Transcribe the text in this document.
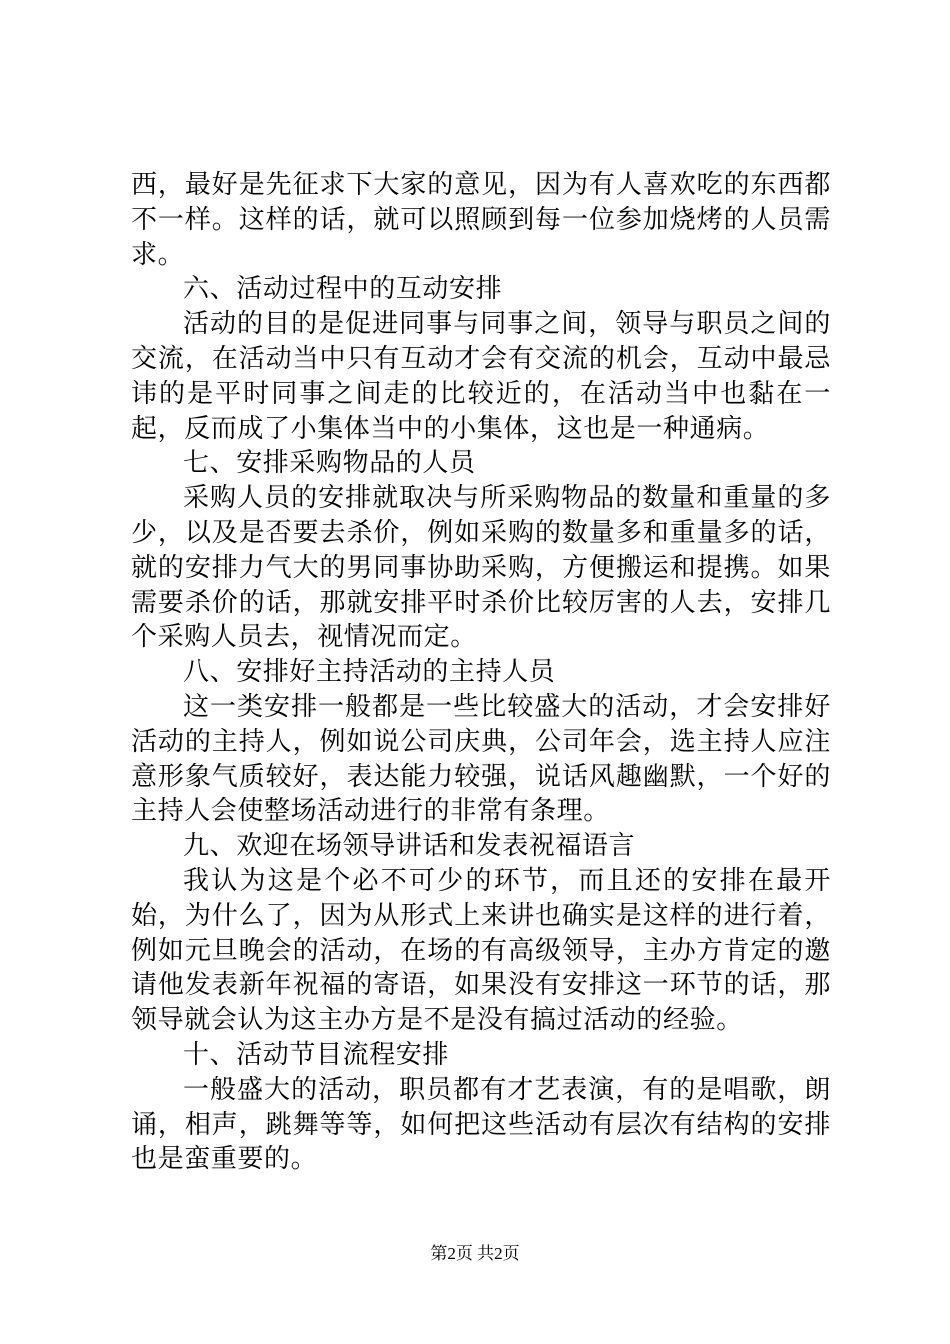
西，最好是先征求下大家的意见，因为有人喜欢吃的东西都不一样。这样的话，就可以照顾到每一位参加烧烤的人员需求。

六、活动过程中的互动安排

活动的目的是促进同事与同事之间，领导与职员之间的交流，在活动当中只有互动才会有交流的机会，互动中最忌讳的是平时同事之间走的比较近的，在活动当中也黏在一起，反而成了小集体当中的小集体，这也是一种通病。

七、安排采购物品的人员

采购人员的安排就取决与所采购物品的数量和重量的多少，以及是否要去杀价，例如采购的数量多和重量多的话，就的安排力气大的男同事协助采购，方便搬运和提携。如果需要杀价的话，那就安排平时杀价比较厉害的人去，安排几个采购人员去，视情况而定。

八、安排好主持活动的主持人员

这一类安排一般都是一些比较盛大的活动，才会安排好活动的主持人，例如说公司庆典，公司年会，选主持人应注意形象气质较好，表达能力较强，说话风趣幽默，一个好的主持人会使整场活动进行的非常有条理。

九、欢迎在场领导讲话和发表祝福语言

我认为这是个必不可少的环节，而且还的安排在最开始，为什么了，因为从形式上来讲也确实是这样的进行着，例如元旦晚会的活动，在场的有高级领导，主办方肯定的邀请他发表新年祝福的寄语，如果没有安排这一环节的话，那领导就会认为这主办方是不是没有搞过活动的经验。

十、活动节目流程安排

一般盛大的活动，职员都有才艺表演，有的是唱歌，朗诵，相声，跳舞等等，如何把这些活动有层次有结构的安排也是蛮重要的。

第2页 共2页
